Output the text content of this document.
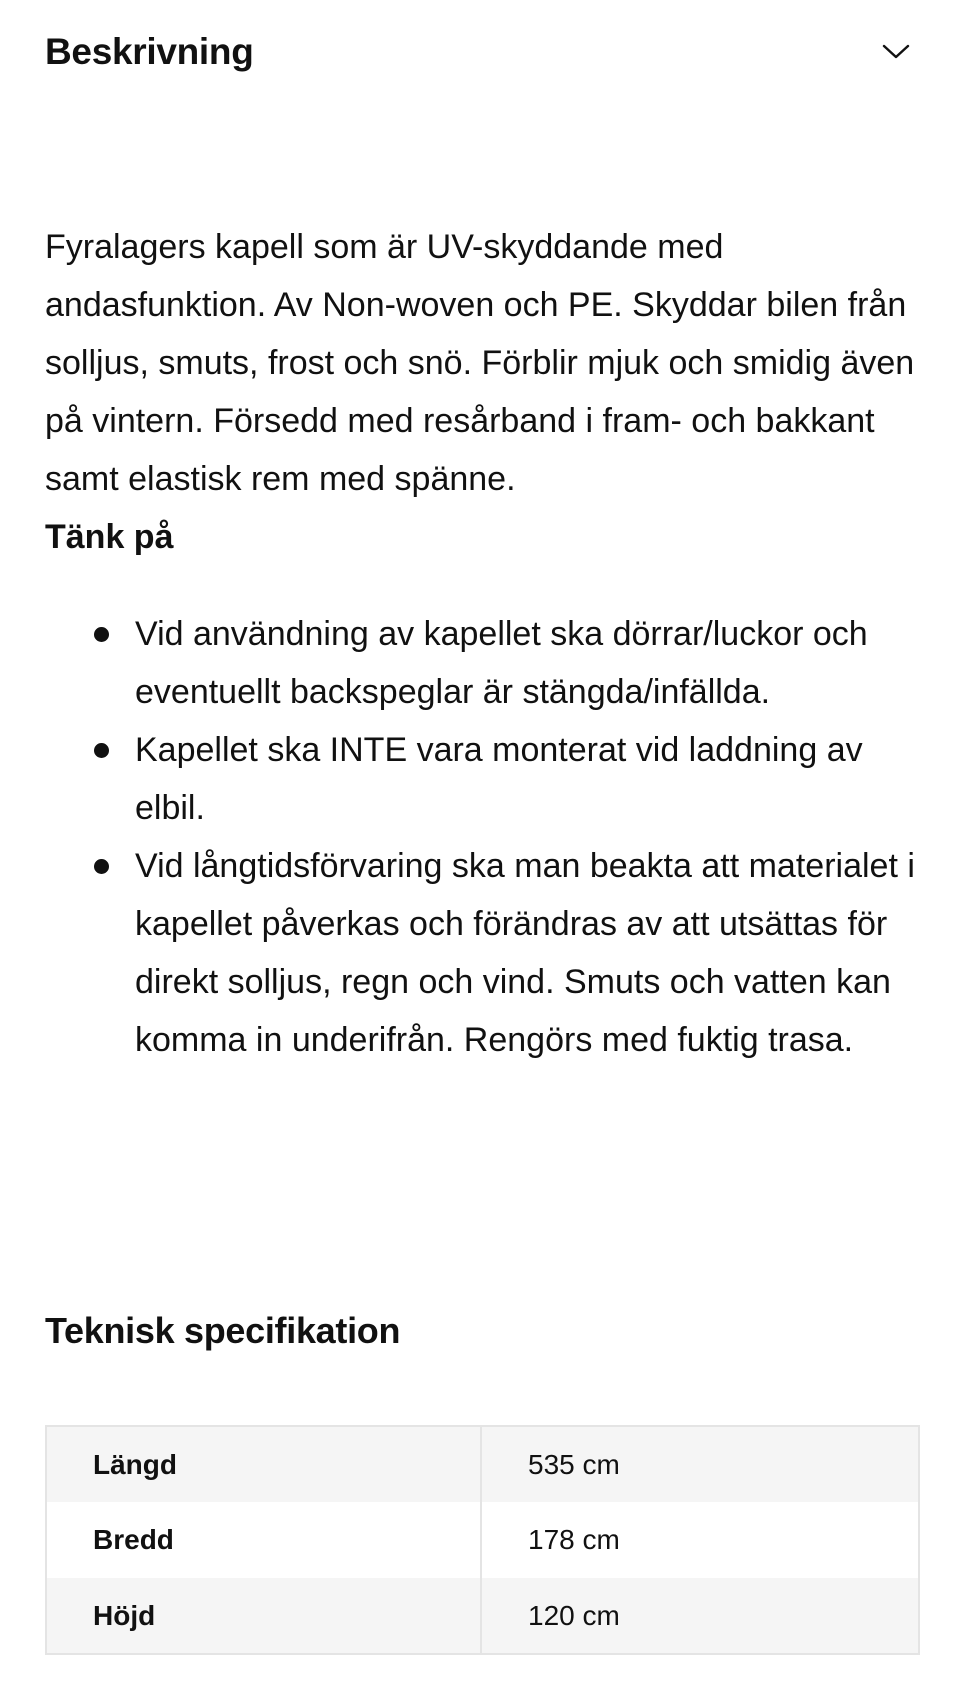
Beskrivning

Fyralagers kapell som är UV-skyddande med andasfunktion. Av Non-woven och PE. Skyddar bilen från solljus, smuts, frost och snö. Förblir mjuk och smidig även på vintern. Försedd med resårband i fram- och bakkant samt elastisk rem med spänne.

Tänk på

Vid användning av kapellet ska dörrar/luckor och eventuellt backspeglar är stängda/infällda.
Kapellet ska INTE vara monterat vid laddning av elbil.
Vid långtidsförvaring ska man beakta att materialet i kapellet påverkas och förändras av att utsättas för direkt solljus, regn och vind. Smuts och vatten kan komma in underifrån. Rengörs med fuktig trasa.
Teknisk specifikation
Längd	535 cm
Bredd	178 cm
Höjd	120 cm
